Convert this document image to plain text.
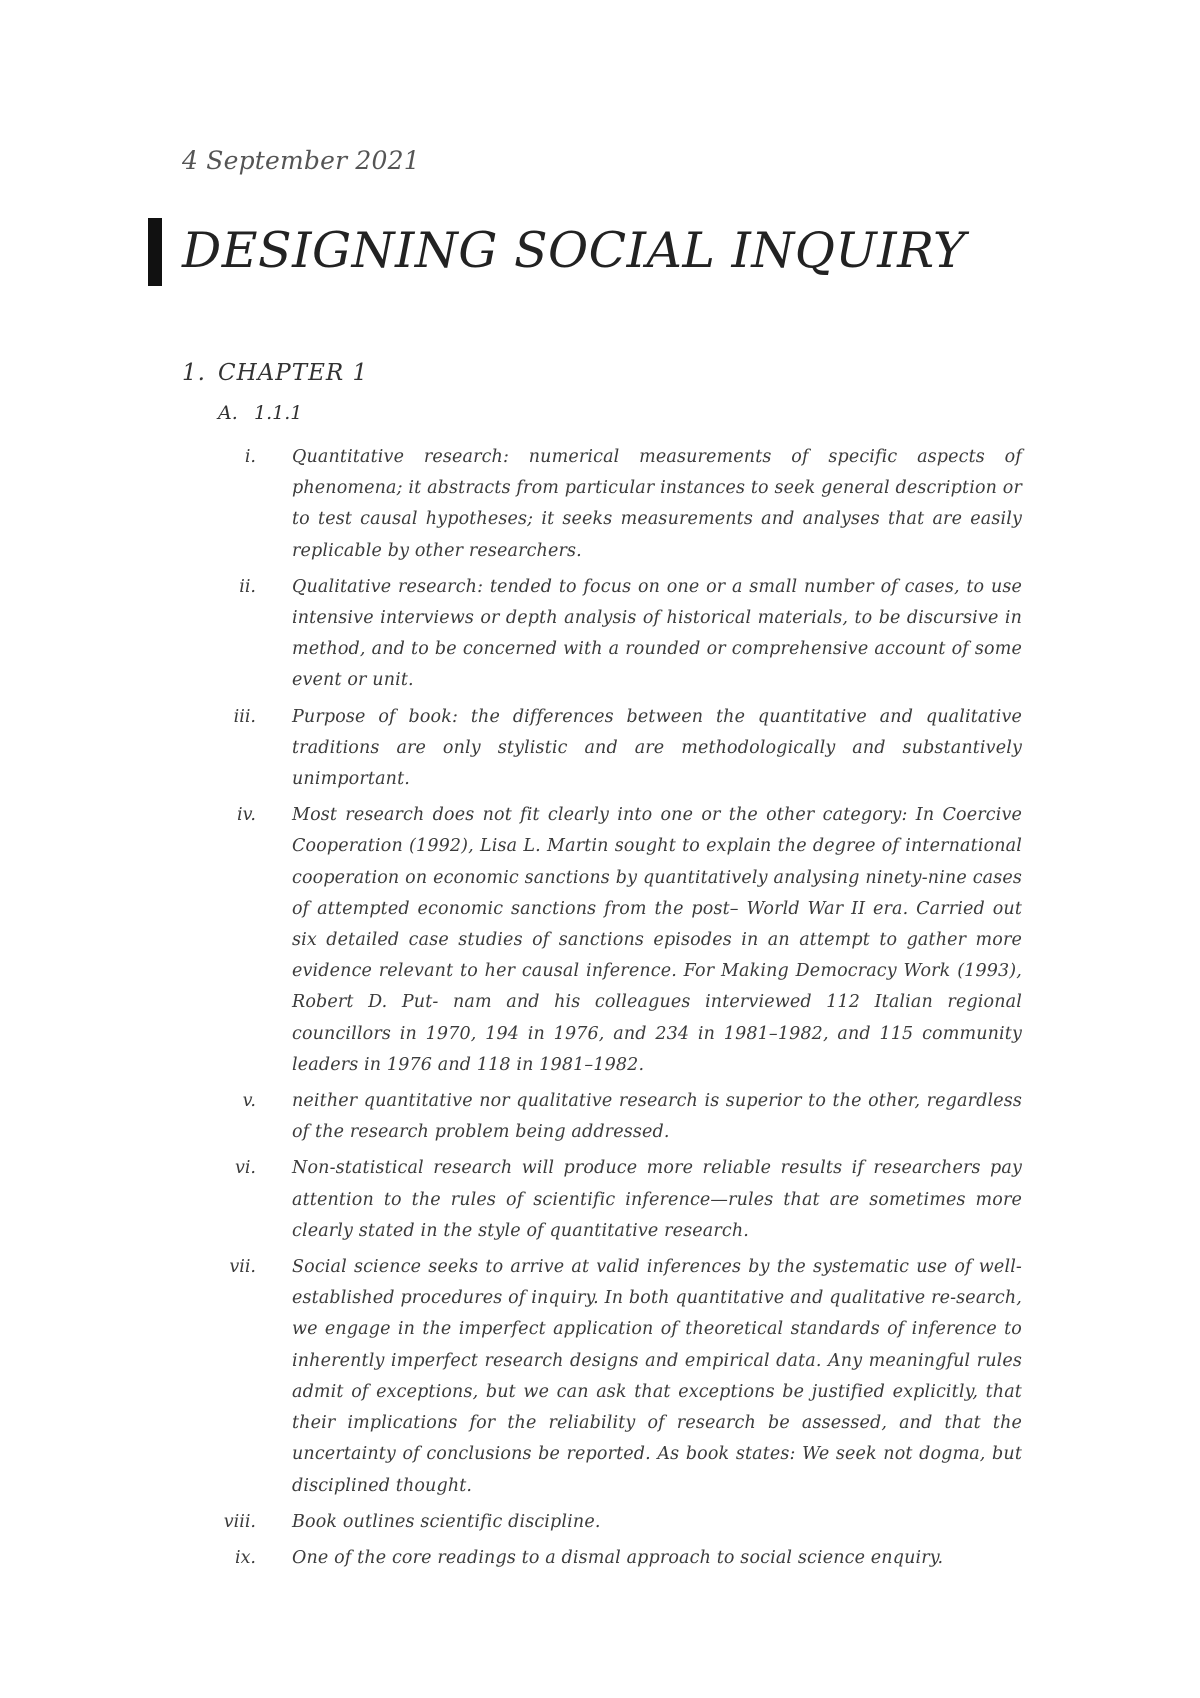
4 September 2021
DESIGNING SOCIAL INQUIRY
1. CHAPTER 1
A. 1.1.1
i. Quantitative research: numerical measurements of specific aspects of phenomena; it abstracts from particular instances to seek general description or to test causal hypotheses; it seeks measurements and analyses that are easily replicable by other researchers.
ii. Qualitative research: tended to focus on one or a small number of cases, to use intensive interviews or depth analysis of historical materials, to be discursive in method, and to be concerned with a rounded or comprehensive account of some event or unit.
iii. Purpose of book: the differences between the quantitative and qualitative traditions are only stylistic and are methodologically and substantively unimportant.
iv. Most research does not fit clearly into one or the other category: In Coercive Cooperation (1992), Lisa L. Martin sought to explain the degree of international cooperation on economic sanctions by quantitatively analysing ninety-nine cases of attempted economic sanctions from the post– World War II era. Carried out six detailed case studies of sanctions episodes in an attempt to gather more evidence relevant to her causal inference. For Making Democracy Work (1993), Robert D. Put- nam and his colleagues interviewed 112 Italian regional councillors in 1970, 194 in 1976, and 234 in 1981–1982, and 115 community leaders in 1976 and 118 in 1981–1982.
v. neither quantitative nor qualitative research is superior to the other, regardless of the research problem being addressed.
vi. Non-statistical research will produce more reliable results if researchers pay attention to the rules of scientific inference—rules that are sometimes more clearly stated in the style of quantitative research.
vii. Social science seeks to arrive at valid inferences by the systematic use of well-established procedures of inquiry. In both quantitative and qualitative re-search, we engage in the imperfect application of theoretical standards of inference to inherently imperfect research designs and empirical data. Any meaningful rules admit of exceptions, but we can ask that exceptions be justified explicitly, that their implications for the reliability of research be assessed, and that the uncertainty of conclusions be reported. As book states: We seek not dogma, but disciplined thought.
viii. Book outlines scientific discipline.
ix. One of the core readings to a dismal approach to social science enquiry.
